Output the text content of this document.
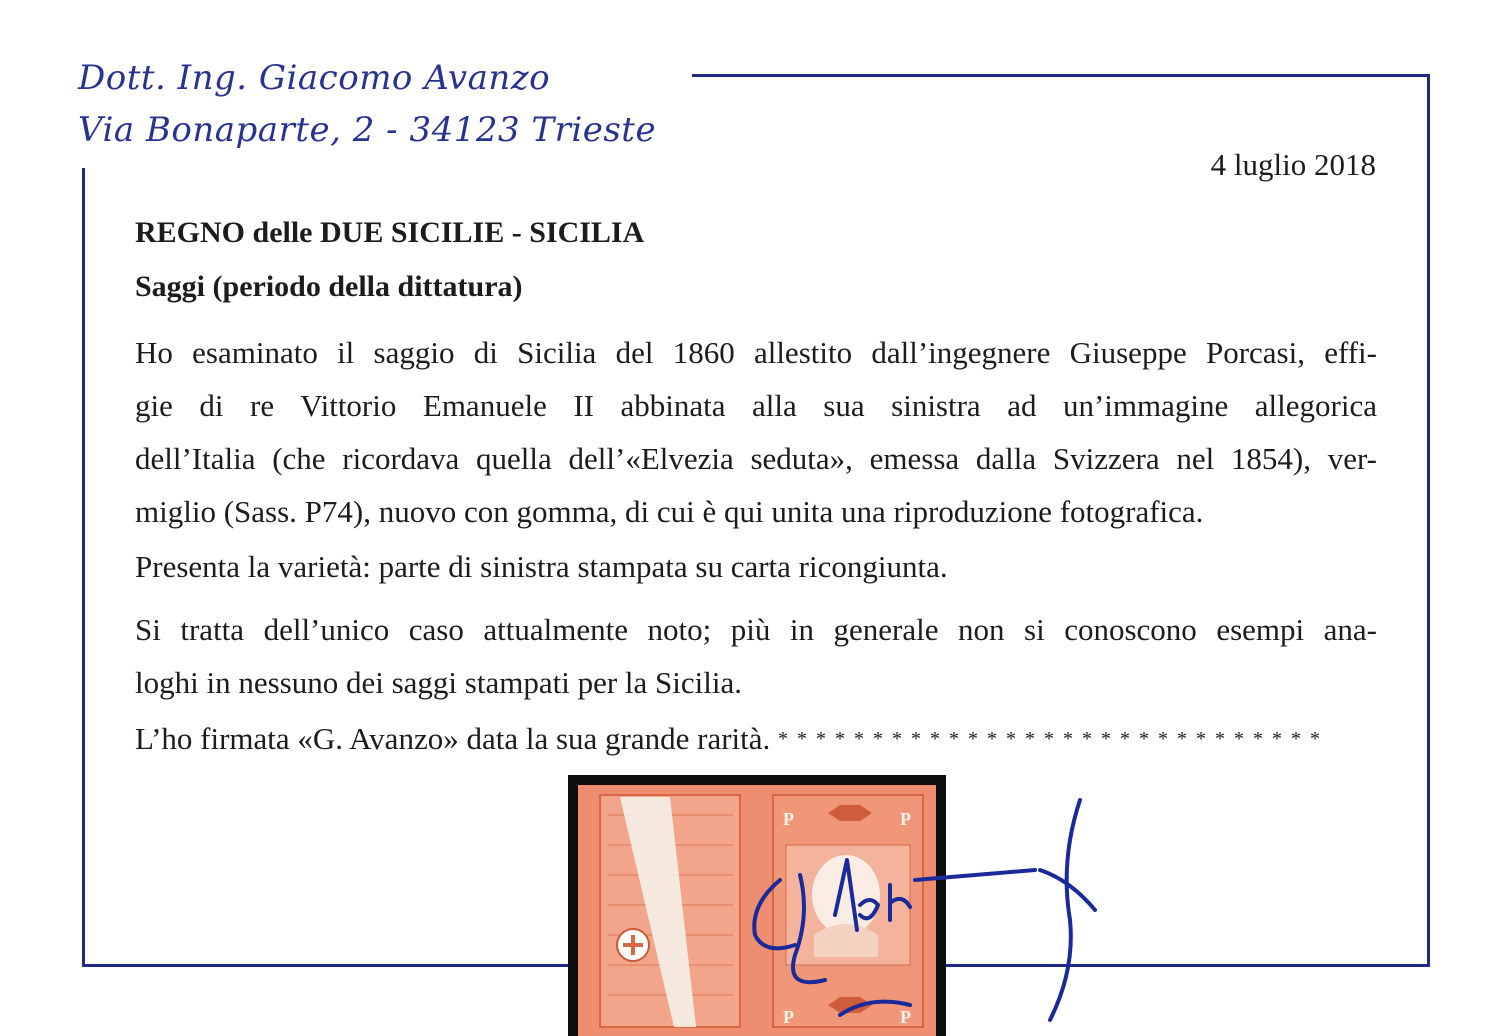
Dott. Ing. Giacomo Avanzo
Via Bonaparte, 2 - 34123 Trieste
4 luglio 2018
REGNO delle DUE SICILIE - SICILIA
Saggi (periodo della dittatura)
Ho esaminato il saggio di Sicilia del 1860 allestito dall’ingegnere Giuseppe Porcasi, effi-
gie di re Vittorio Emanuele II abbinata alla sua sinistra ad un’immagine allegorica
dell’Italia (che ricordava quella dell’«Elvezia seduta», emessa dalla Svizzera nel 1854), ver-
miglio (Sass. P74), nuovo con gomma, di cui è qui unita una riproduzione fotografica.
Presenta la varietà: parte di sinistra stampata su carta ricongiunta.
Si tratta dell’unico caso attualmente noto; più in generale non si conoscono esempi ana-
loghi in nessuno dei saggi stampati per la Sicilia.
L’ho firmata «G. Avanzo» data la sua grande rarità. * * * * * * * * * * * * * * * * * * * * * * * * * * * * *
P	P
P	P
